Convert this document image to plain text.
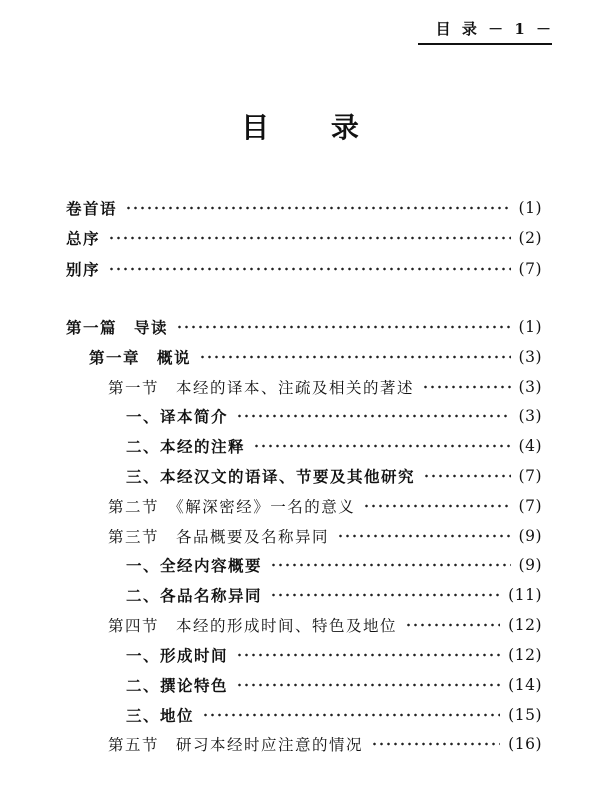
目 录 － 1 －
目 录
卷首语	(1)
总序	(2)
别序	(7)
第一篇　导读	(1)
第一章　概说	(3)
第一节　本经的译本、注疏及相关的著述	(3)
一、译本简介	(3)
二、本经的注释	(4)
三、本经汉文的语译、节要及其他研究	(7)
第二节　《解深密经》一名的意义	(7)
第三节　各品概要及名称异同	(9)
一、全经内容概要	(9)
二、各品名称异同	(11)
第四节　本经的形成时间、特色及地位	(12)
一、形成时间	(12)
二、撰论特色	(14)
三、地位	(15)
第五节　研习本经时应注意的情况	(16)
